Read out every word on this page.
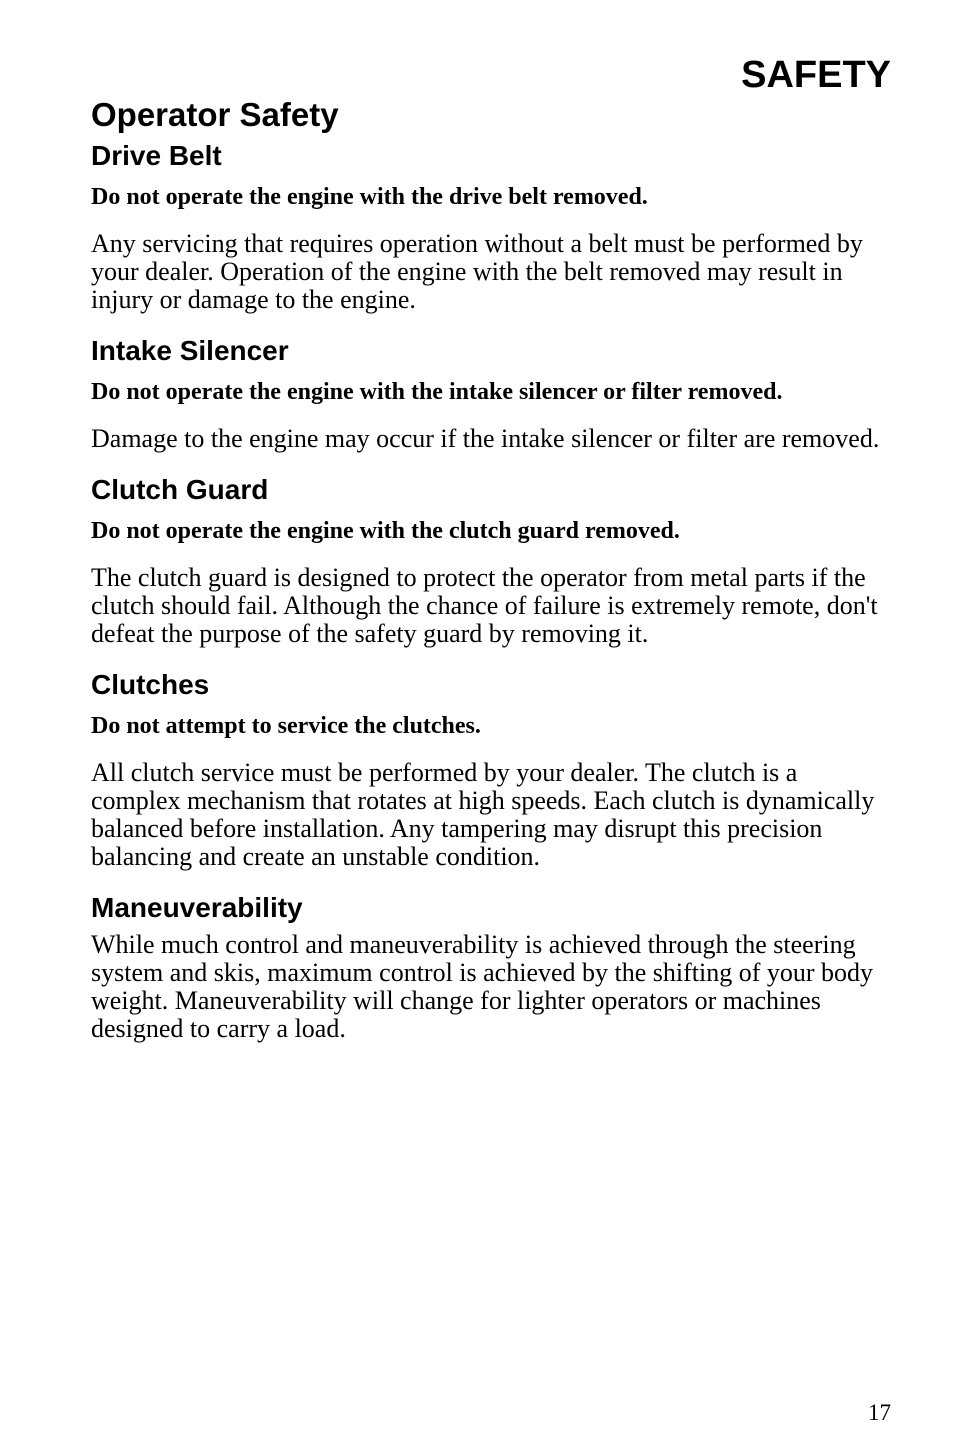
SAFETY
Operator Safety
Drive Belt

Do not operate the engine with the drive belt removed.

Any servicing that requires operation without a belt must be performed by your dealer. Operation of the engine with the belt removed may result in injury or damage to the engine.

Intake Silencer

Do not operate the engine with the intake silencer or filter removed.

Damage to the engine may occur if the intake silencer or filter are removed.

Clutch Guard

Do not operate the engine with the clutch guard removed.

The clutch guard is designed to protect the operator from metal parts if the clutch should fail. Although the chance of failure is extremely remote, don't defeat the purpose of the safety guard by removing it.

Clutches

Do not attempt to service the clutches.

All clutch service must be performed by your dealer. The clutch is a complex mechanism that rotates at high speeds. Each clutch is dynamically balanced before installation. Any tampering may disrupt this precision balancing and create an unstable condition.

Maneuverability

While much control and maneuverability is achieved through the steering system and skis, maximum control is achieved by the shifting of your body weight. Maneuverability will change for lighter operators or machines designed to carry a load.

17
